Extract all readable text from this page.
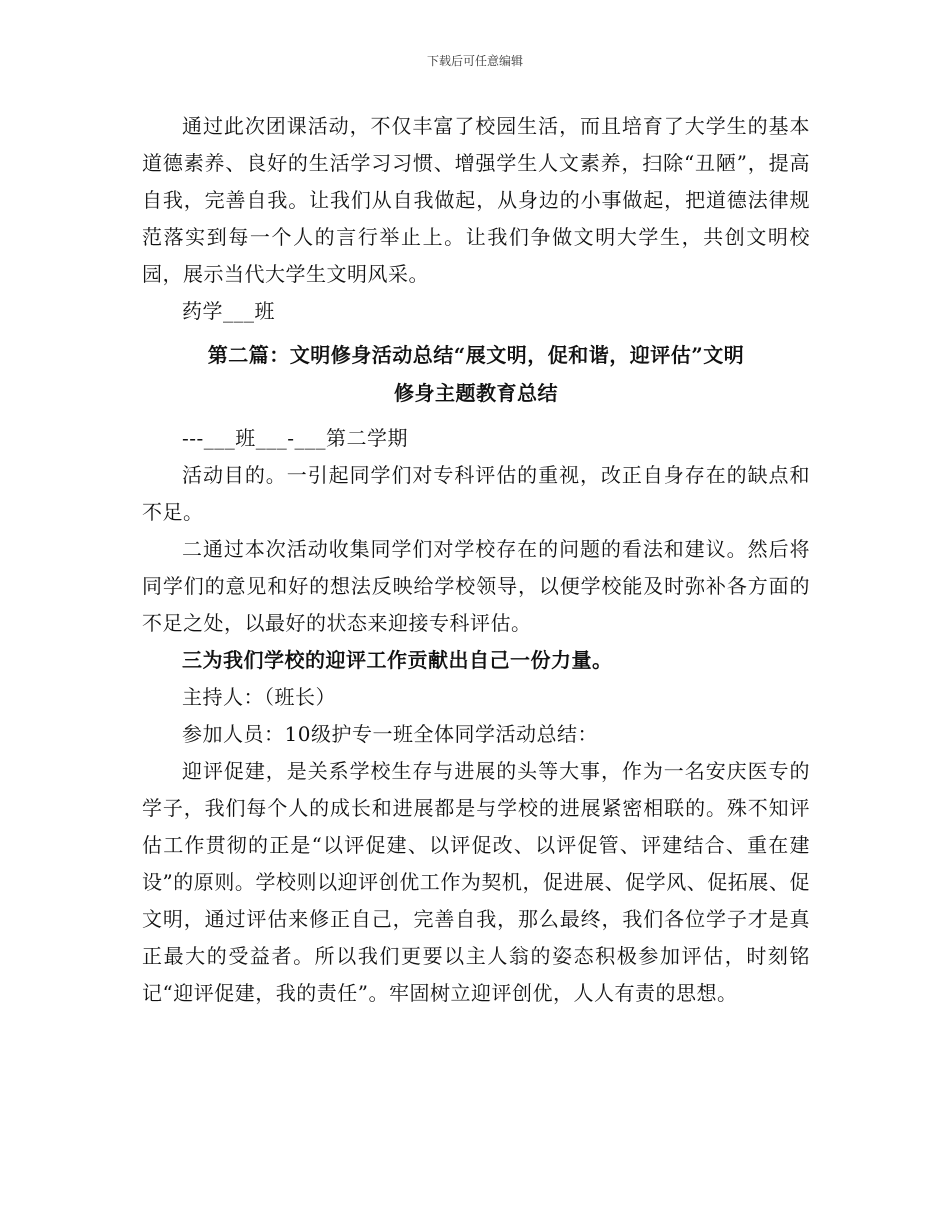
下载后可任意编辑

通过此次团课活动，不仅丰富了校园生活，而且培育了大学生的基本道德素养、良好的生活学习习惯、增强学生人文素养，扫除“丑陋”，提高自我，完善自我。让我们从自我做起，从身边的小事做起，把道德法律规范落实到每一个人的言行举止上。让我们争做文明大学生，共创文明校园，展示当代大学生文明风采。

药学___班

第二篇：文明修身活动总结“展文明，促和谐，迎评估”文明
修身主题教育总结

---___班___-___第二学期

活动目的。一引起同学们对专科评估的重视，改正自身存在的缺点和不足。

二通过本次活动收集同学们对学校存在的问题的看法和建议。然后将同学们的意见和好的想法反映给学校领导，以便学校能及时弥补各方面的不足之处，以最好的状态来迎接专科评估。

三为我们学校的迎评工作贡献出自己一份力量。

主持人：（班长）

参加人员：10级护专一班全体同学活动总结：

迎评促建，是关系学校生存与进展的头等大事，作为一名安庆医专的学子，我们每个人的成长和进展都是与学校的进展紧密相联的。殊不知评估工作贯彻的正是“以评促建、以评促改、以评促管、评建结合、重在建设”的原则。学校则以迎评创优工作为契机，促进展、促学风、促拓展、促文明，通过评估来修正自己，完善自我，那么最终，我们各位学子才是真正最大的受益者。所以我们更要以主人翁的姿态积极参加评估，时刻铭记“迎评促建，我的责任”。牢固树立迎评创优，人人有责的思想。
